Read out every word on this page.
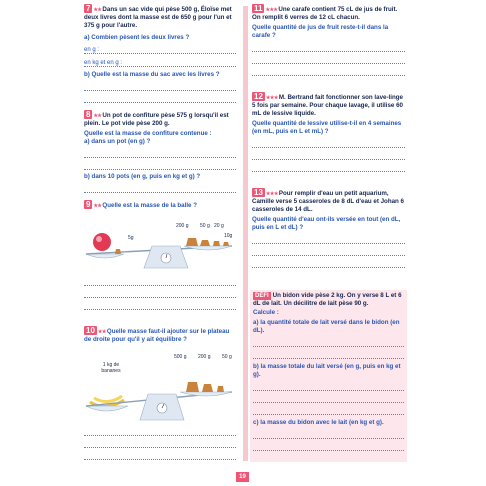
7 ★★Dans un sac vide qui pèse 500 g, Éloïse met deux livres dont la masse est de 650 g pour l'un et 375 g pour l'autre.
a) Combien pèsent les deux livres ?
en g :
en kg et en g :
b) Quelle est la masse du sac avec les livres ?
8 ★★Un pot de confiture pèse 575 g lorsqu'il est plein. Le pot vide pèse 200 g.
Quelle est la masse de confiture contenue :
a) dans un pot (en g) ?
b) dans 10 pots (en g, puis en kg et g) ?
9 ★★Quelle est la masse de la balle ?
5g
200 g 50 g 20 g
10g
10 ★★Quelle masse faut-il ajouter sur le plateau de droite pour qu'il y ait équilibre ?
1 kg de bananes
500 g 200 g 50 g
11 ★★★Une carafe contient 75 cL de jus de fruit. On remplit 6 verres de 12 cL chacun.
Quelle quantité de jus de fruit reste-t-il dans la carafe ?
12 ★★★M. Bertrand fait fonctionner son lave-linge 5 fois par semaine. Pour chaque lavage, il utilise 60 mL de lessive liquide.
Quelle quantité de lessive utilise-t-il en 4 semaines (en mL, puis en L et mL) ?
13 ★★★Pour remplir d'eau un petit aquarium, Camille verse 5 casseroles de 8 dL d'eau et Johan 6 casseroles de 14 dL.
Quelle quantité d'eau ont-ils versée en tout (en dL, puis en L et dL) ?
DÉFI Un bidon vide pèse 2 kg. On y verse 8 L et 6 dL de lait. Un décilitre de lait pèse 90 g.
Calcule :
a) la quantité totale de lait versé dans le bidon (en dL).
b) la masse totale du lait versé (en g, puis en kg et g).
c) la masse du bidon avec le lait (en kg et g).
19
